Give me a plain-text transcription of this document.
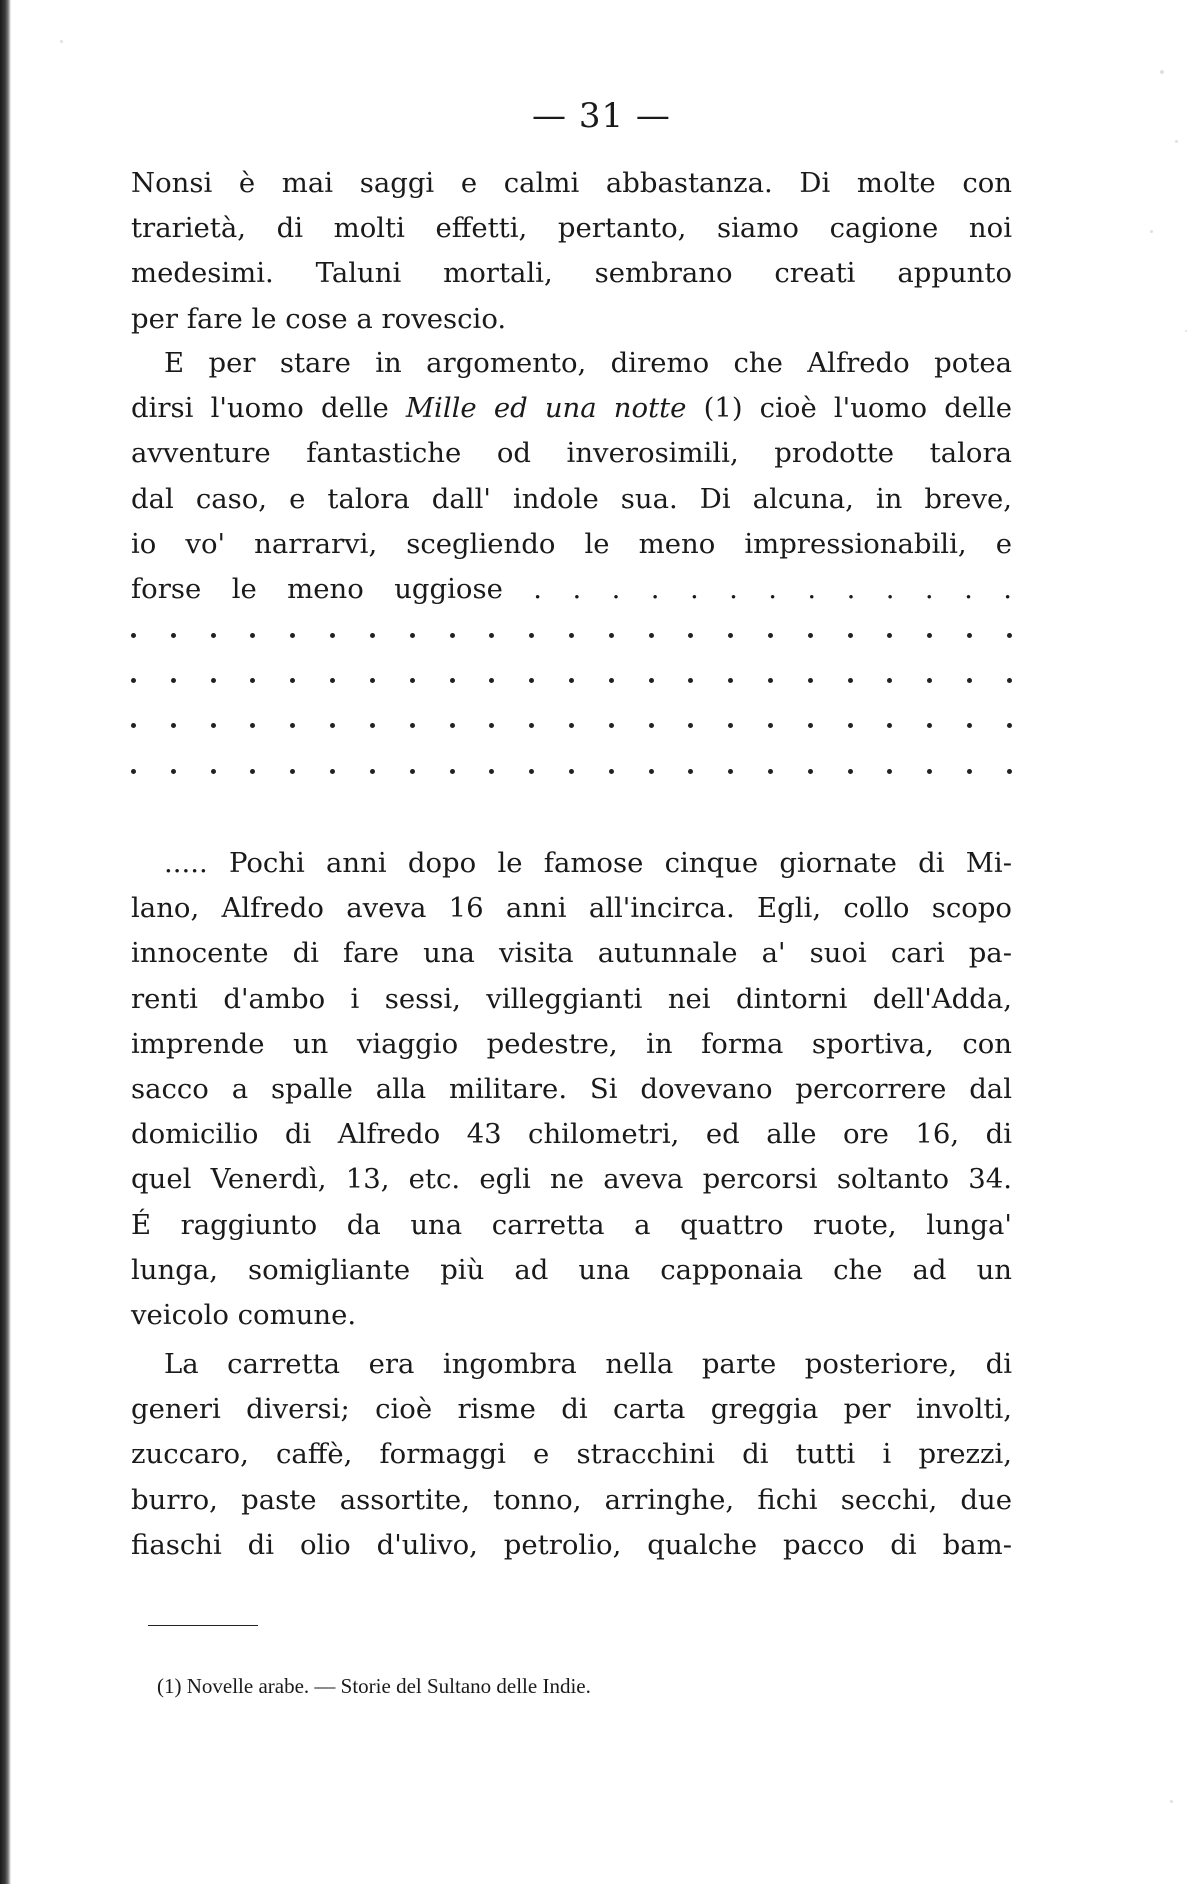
— 31 —
Nonsi è mai saggi e calmi abbastanza. Di molte con
trarietà, di molti effetti, pertanto, siamo cagione noi
medesimi. Taluni mortali, sembrano creati appunto
per fare le cose a rovescio.
E per stare in argomento, diremo che Alfredo potea
dirsi l'uomo delle Mille ed una notte (1) cioè l'uomo delle
avventure fantastiche od inverosimili, prodotte talora
dal caso, e talora dall' indole sua. Di alcuna, in breve,
io vo' narrarvi, scegliendo le meno impressionabili, e
forse le meno uggiose . . . . . . . . . . . . .
..... Pochi anni dopo le famose cinque giornate di Mi-
lano, Alfredo aveva 16 anni all'incirca. Egli, collo scopo
innocente di fare una visita autunnale a' suoi cari pa-
renti d'ambo i sessi, villeggianti nei dintorni dell'Adda,
imprende un viaggio pedestre, in forma sportiva, con
sacco a spalle alla militare. Si dovevano percorrere dal
domicilio di Alfredo 43 chilometri, ed alle ore 16, di
quel Venerdì, 13, etc. egli ne aveva percorsi soltanto 34.
É raggiunto da una carretta a quattro ruote, lunga'
lunga, somigliante più ad una capponaia che ad un
veicolo comune.
La carretta era ingombra nella parte posteriore, di
generi diversi; cioè risme di carta greggia per involti,
zuccaro, caffè, formaggi e stracchini di tutti i prezzi,
burro, paste assortite, tonno, arringhe, fichi secchi, due
fiaschi di olio d'ulivo, petrolio, qualche pacco di bam-
(1) Novelle arabe. — Storie del Sultano delle Indie.
